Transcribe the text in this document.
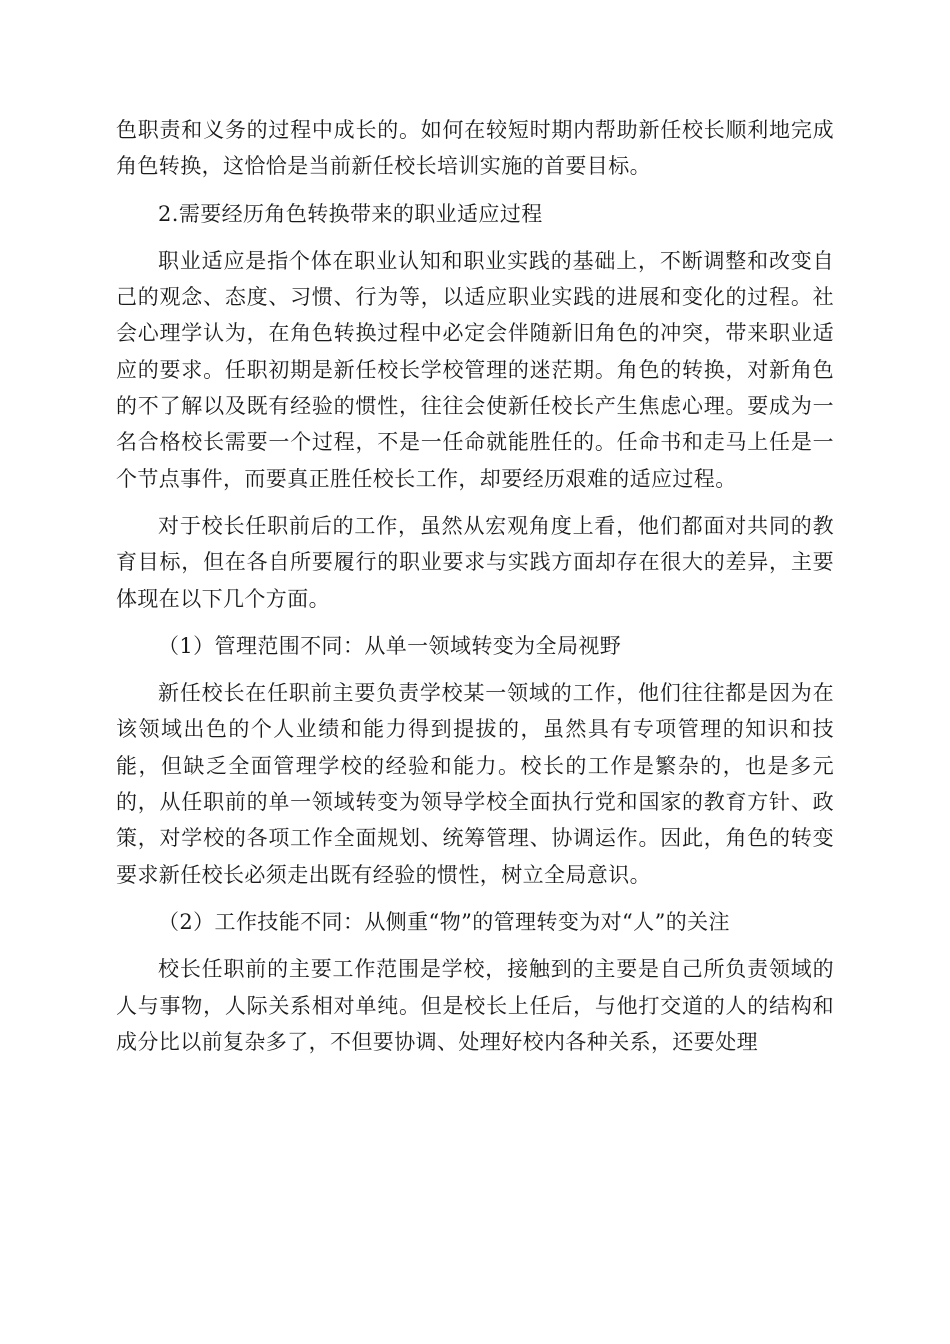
色职责和义务的过程中成长的。如何在较短时期内帮助新任校长顺利地完成角色转换，这恰恰是当前新任校长培训实施的首要目标。

2.需要经历角色转换带来的职业适应过程

职业适应是指个体在职业认知和职业实践的基础上，不断调整和改变自己的观念、态度、习惯、行为等，以适应职业实践的进展和变化的过程。社会心理学认为，在角色转换过程中必定会伴随新旧角色的冲突，带来职业适应的要求。任职初期是新任校长学校管理的迷茫期。角色的转换，对新角色的不了解以及既有经验的惯性，往往会使新任校长产生焦虑心理。要成为一名合格校长需要一个过程，不是一任命就能胜任的。任命书和走马上任是一个节点事件，而要真正胜任校长工作，却要经历艰难的适应过程。

对于校长任职前后的工作，虽然从宏观角度上看，他们都面对共同的教育目标，但在各自所要履行的职业要求与实践方面却存在很大的差异，主要体现在以下几个方面。

（1）管理范围不同：从单一领域转变为全局视野

新任校长在任职前主要负责学校某一领域的工作，他们往往都是因为在该领域出色的个人业绩和能力得到提拔的，虽然具有专项管理的知识和技能，但缺乏全面管理学校的经验和能力。校长的工作是繁杂的，也是多元的，从任职前的单一领域转变为领导学校全面执行党和国家的教育方针、政策，对学校的各项工作全面规划、统筹管理、协调运作。因此，角色的转变要求新任校长必须走出既有经验的惯性，树立全局意识。

（2）工作技能不同：从侧重“物”的管理转变为对“人”的关注

校长任职前的主要工作范围是学校，接触到的主要是自己所负责领域的人与事物，人际关系相对单纯。但是校长上任后，与他打交道的人的结构和成分比以前复杂多了，不但要协调、处理好校内各种关系，还要处理
